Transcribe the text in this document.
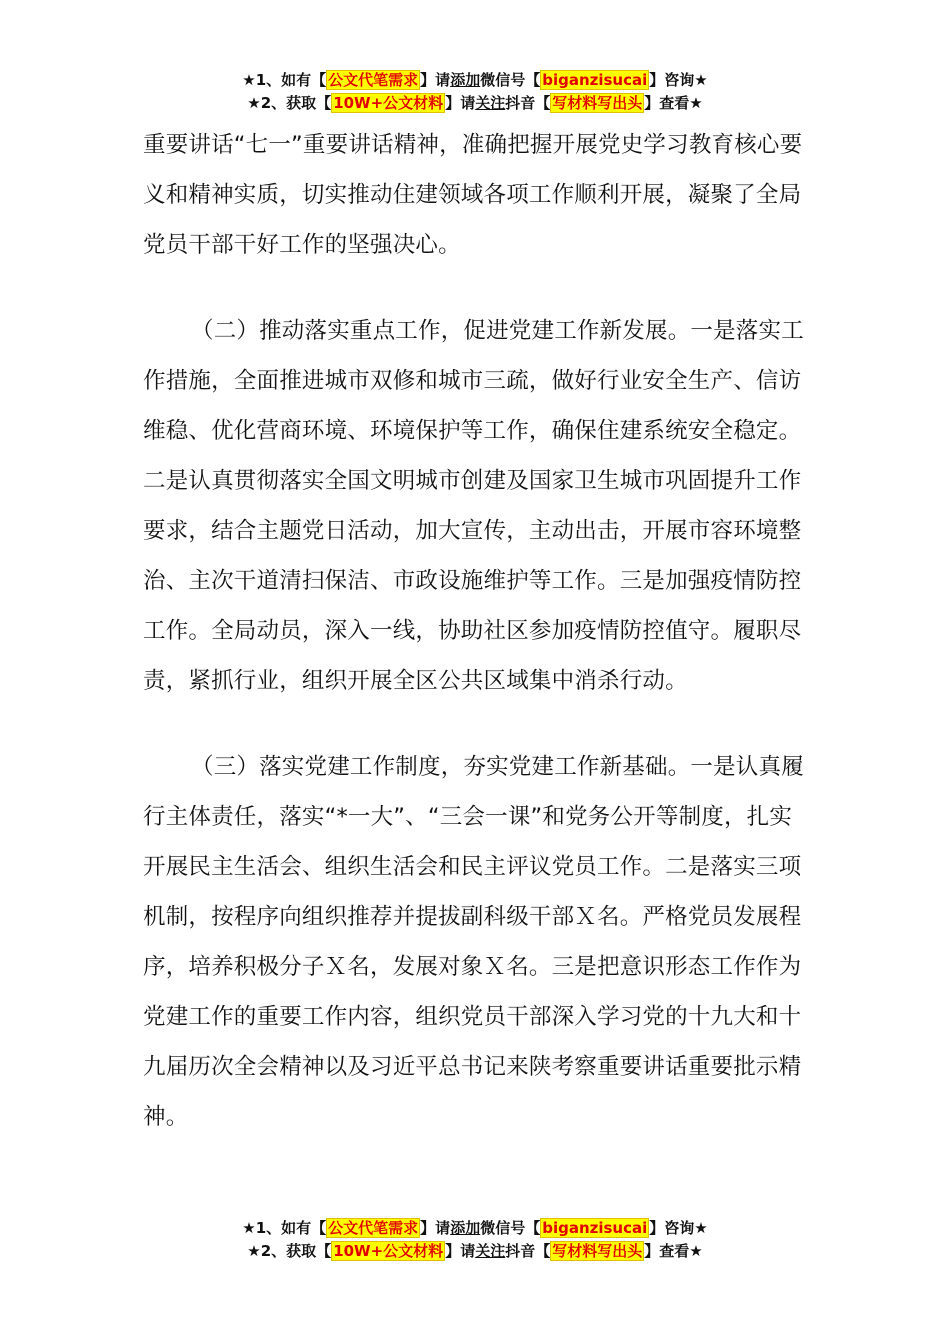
★1、如有【 公文代笔需求 】请添加微信号【 biganzisucai 】咨询★
★2、获取【 10W+公文材料 】请关注抖音【 写材料写出头 】查看★

重要讲话“七一”重要讲话精神，准确把握开展党史学习教育核心要义和精神实质，切实推动住建领域各项工作顺利开展，凝聚了全局党员干部干好工作的坚强决心。

（二）推动落实重点工作，促进党建工作新发展。一是落实工作措施，全面推进城市双修和城市三疏，做好行业安全生产、信访维稳、优化营商环境、环境保护等工作，确保住建系统安全稳定。二是认真贯彻落实全国文明城市创建及国家卫生城市巩固提升工作要求，结合主题党日活动，加大宣传，主动出击，开展市容环境整治、主次干道清扫保洁、市政设施维护等工作。三是加强疫情防控工作。全局动员，深入一线，协助社区参加疫情防控值守。履职尽责，紧抓行业，组织开展全区公共区域集中消杀行动。

（三）落实党建工作制度，夯实党建工作新基础。一是认真履行主体责任，落实“*一大”、“三会一课”和党务公开等制度，扎实开展民主生活会、组织生活会和民主评议党员工作。二是落实三项机制，按程序向组织推荐并提拔副科级干部Ｘ名。严格党员发展程序，培养积极分子Ｘ名，发展对象Ｘ名。三是把意识形态工作作为党建工作的重要工作内容，组织党员干部深入学习党的十九大和十九届历次全会精神以及习近平总书记来陕考察重要讲话重要批示精神。

★1、如有【 公文代笔需求 】请添加微信号【 biganzisucai 】咨询★
★2、获取【 10W+公文材料 】请关注抖音【 写材料写出头 】查看★
